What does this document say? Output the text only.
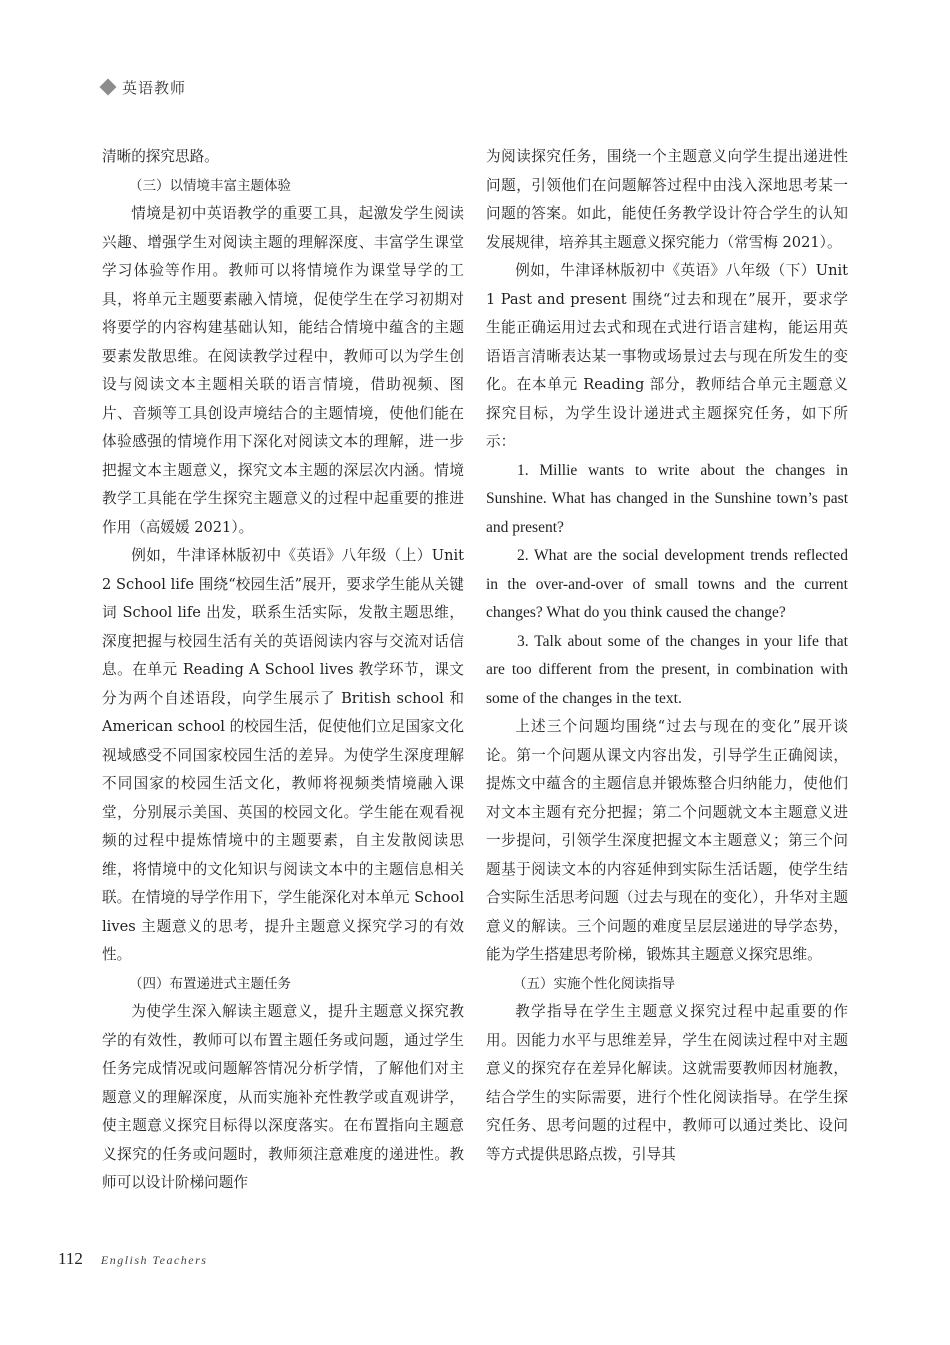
英语教师

清晰的探究思路。

（三）以情境丰富主题体验

情境是初中英语教学的重要工具，起激发学生阅读兴趣、增强学生对阅读主题的理解深度、丰富学生课堂学习体验等作用。教师可以将情境作为课堂导学的工具，将单元主题要素融入情境，促使学生在学习初期对将要学的内容构建基础认知，能结合情境中蕴含的主题要素发散思维。在阅读教学过程中，教师可以为学生创设与阅读文本主题相关联的语言情境，借助视频、图片、音频等工具创设声境结合的主题情境，使他们能在体验感强的情境作用下深化对阅读文本的理解，进一步把握文本主题意义，探究文本主题的深层次内涵。情境教学工具能在学生探究主题意义的过程中起重要的推进作用（高媛媛 2021）。

例如，牛津译林版初中《英语》八年级（上）Unit 2 School life 围绕“校园生活”展开，要求学生能从关键词 School life 出发，联系生活实际，发散主题思维，深度把握与校园生活有关的英语阅读内容与交流对话信息。在单元 Reading A School lives 教学环节，课文分为两个自述语段，向学生展示了 British school 和 American school 的校园生活，促使他们立足国家文化视域感受不同国家校园生活的差异。为使学生深度理解不同国家的校园生活文化，教师将视频类情境融入课堂，分别展示美国、英国的校园文化。学生能在观看视频的过程中提炼情境中的主题要素，自主发散阅读思维，将情境中的文化知识与阅读文本中的主题信息相关联。在情境的导学作用下，学生能深化对本单元 School lives 主题意义的思考，提升主题意义探究学习的有效性。

（四）布置递进式主题任务

为使学生深入解读主题意义，提升主题意义探究教学的有效性，教师可以布置主题任务或问题，通过学生任务完成情况或问题解答情况分析学情，了解他们对主题意义的理解深度，从而实施补充性教学或直观讲学，使主题意义探究目标得以深度落实。在布置指向主题意义探究的任务或问题时，教师须注意难度的递进性。教师可以设计阶梯问题作

为阅读探究任务，围绕一个主题意义向学生提出递进性问题，引领他们在问题解答过程中由浅入深地思考某一问题的答案。如此，能使任务教学设计符合学生的认知发展规律，培养其主题意义探究能力（常雪梅 2021）。

例如，牛津译林版初中《英语》八年级（下）Unit 1 Past and present 围绕“过去和现在”展开，要求学生能正确运用过去式和现在式进行语言建构，能运用英语语言清晰表达某一事物或场景过去与现在所发生的变化。在本单元 Reading 部分，教师结合单元主题意义探究目标，为学生设计递进式主题探究任务，如下所示：

1. Millie wants to write about the changes in Sunshine. What has changed in the Sunshine town’s past and present?

2. What are the social development trends reflected in the over-and-over of small towns and the current changes? What do you think caused the change?

3. Talk about some of the changes in your life that are too different from the present, in combination with some of the changes in the text.

上述三个问题均围绕“过去与现在的变化”展开谈论。第一个问题从课文内容出发，引导学生正确阅读，提炼文中蕴含的主题信息并锻炼整合归纳能力，使他们对文本主题有充分把握；第二个问题就文本主题意义进一步提问，引领学生深度把握文本主题意义；第三个问题基于阅读文本的内容延伸到实际生活话题，使学生结合实际生活思考问题（过去与现在的变化），升华对主题意义的解读。三个问题的难度呈层层递进的导学态势，能为学生搭建思考阶梯，锻炼其主题意义探究思维。

（五）实施个性化阅读指导

教学指导在学生主题意义探究过程中起重要的作用。因能力水平与思维差异，学生在阅读过程中对主题意义的探究存在差异化解读。这就需要教师因材施教，结合学生的实际需要，进行个性化阅读指导。在学生探究任务、思考问题的过程中，教师可以通过类比、设问等方式提供思路点拨，引导其

112 English Teachers
